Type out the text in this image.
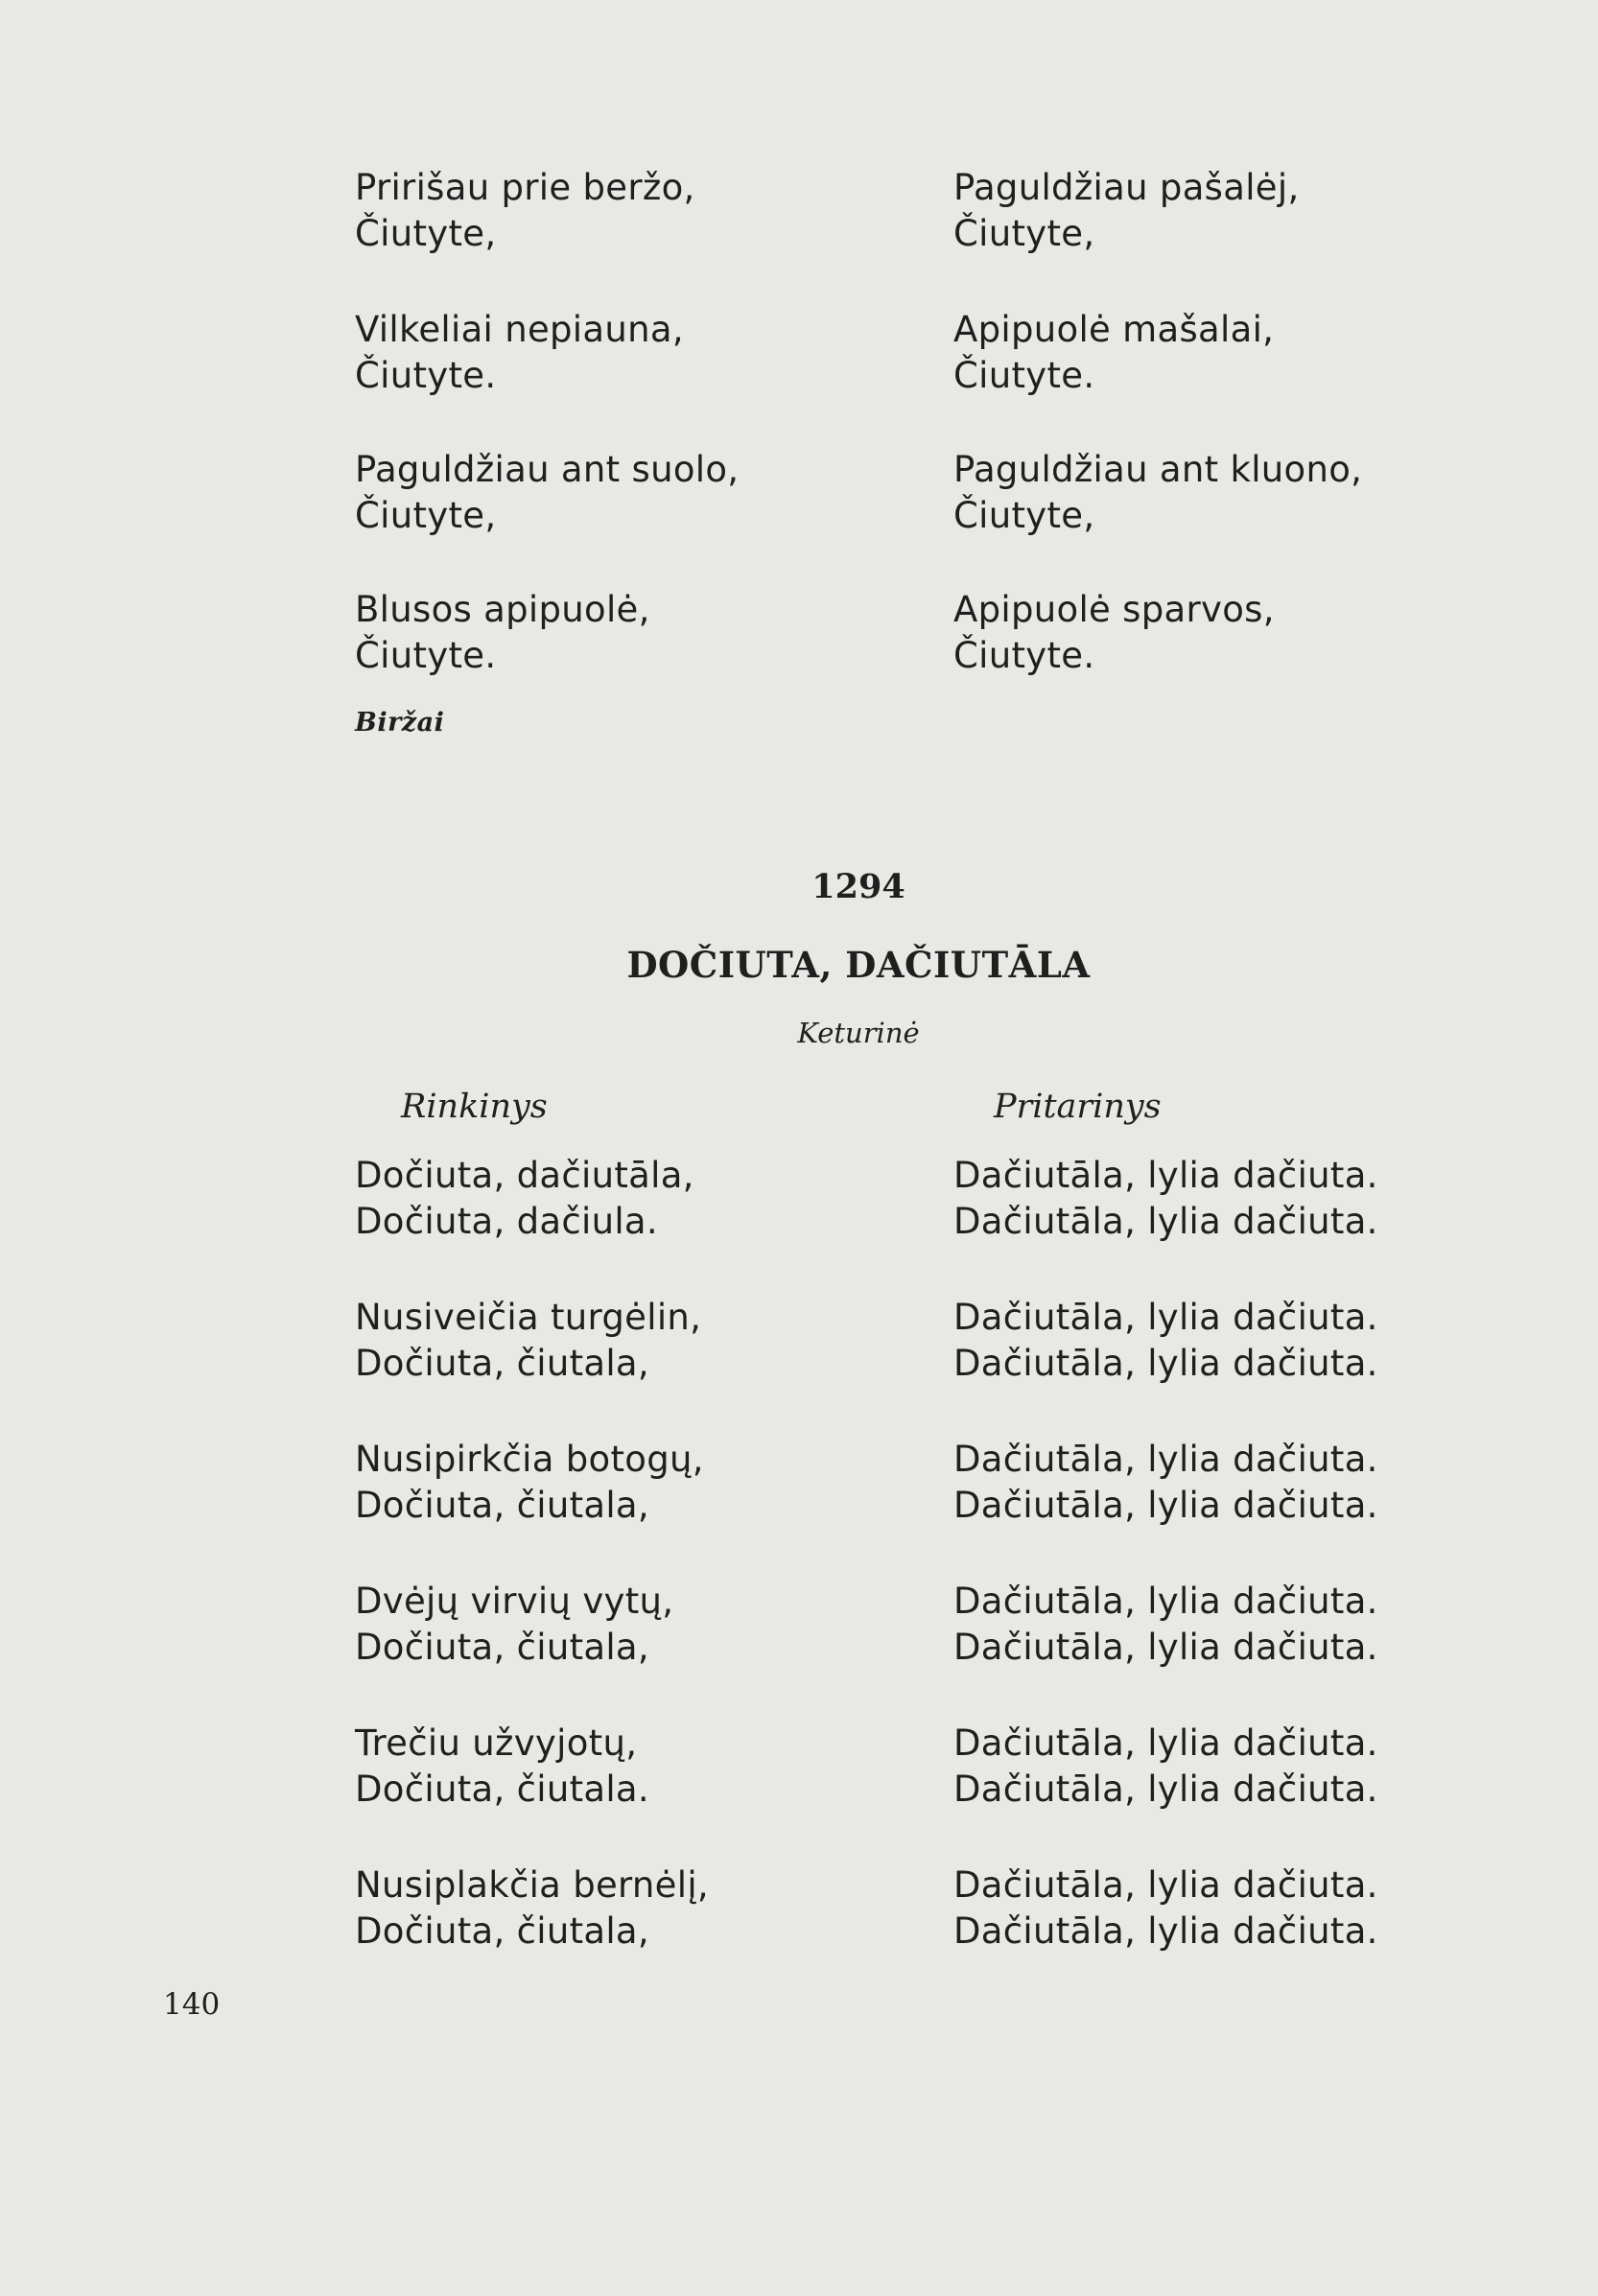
Pririšau prie beržo,
Čiutyte,

Vilkeliai nepiauna,
Čiutyte.

Paguldžiau ant suolo,
Čiutyte,

Blusos apipuolė,
Čiutyte.

Paguldžiau pašalėj,
Čiutyte,

Apipuolė mašalai,
Čiutyte.

Paguldžiau ant kluono,
Čiutyte,

Apipuolė sparvos,
Čiutyte.

Biržai
1294
DOČIUTA, DAČIUTĀLA
Keturinė
Rinkinys	Pritarinys

Dočiuta, dačiutāla,
Dočiuta, dačiula.

Nusiveičia turgėlin,
Dočiuta, čiutala,

Nusipirkčia botogų,
Dočiuta, čiutala,

Dvėjų virvių vytų,
Dočiuta, čiutala,

Trečiu užvyjotų,
Dočiuta, čiutala.

Nusiplakčia bernėlį,
Dočiuta, čiutala,

Dačiutāla, lylia dačiuta.
Dačiutāla, lylia dačiuta.

Dačiutāla, lylia dačiuta.
Dačiutāla, lylia dačiuta.

Dačiutāla, lylia dačiuta.
Dačiutāla, lylia dačiuta.

Dačiutāla, lylia dačiuta.
Dačiutāla, lylia dačiuta.

Dačiutāla, lylia dačiuta.
Dačiutāla, lylia dačiuta.

Dačiutāla, lylia dačiuta.
Dačiutāla, lylia dačiuta.

140
